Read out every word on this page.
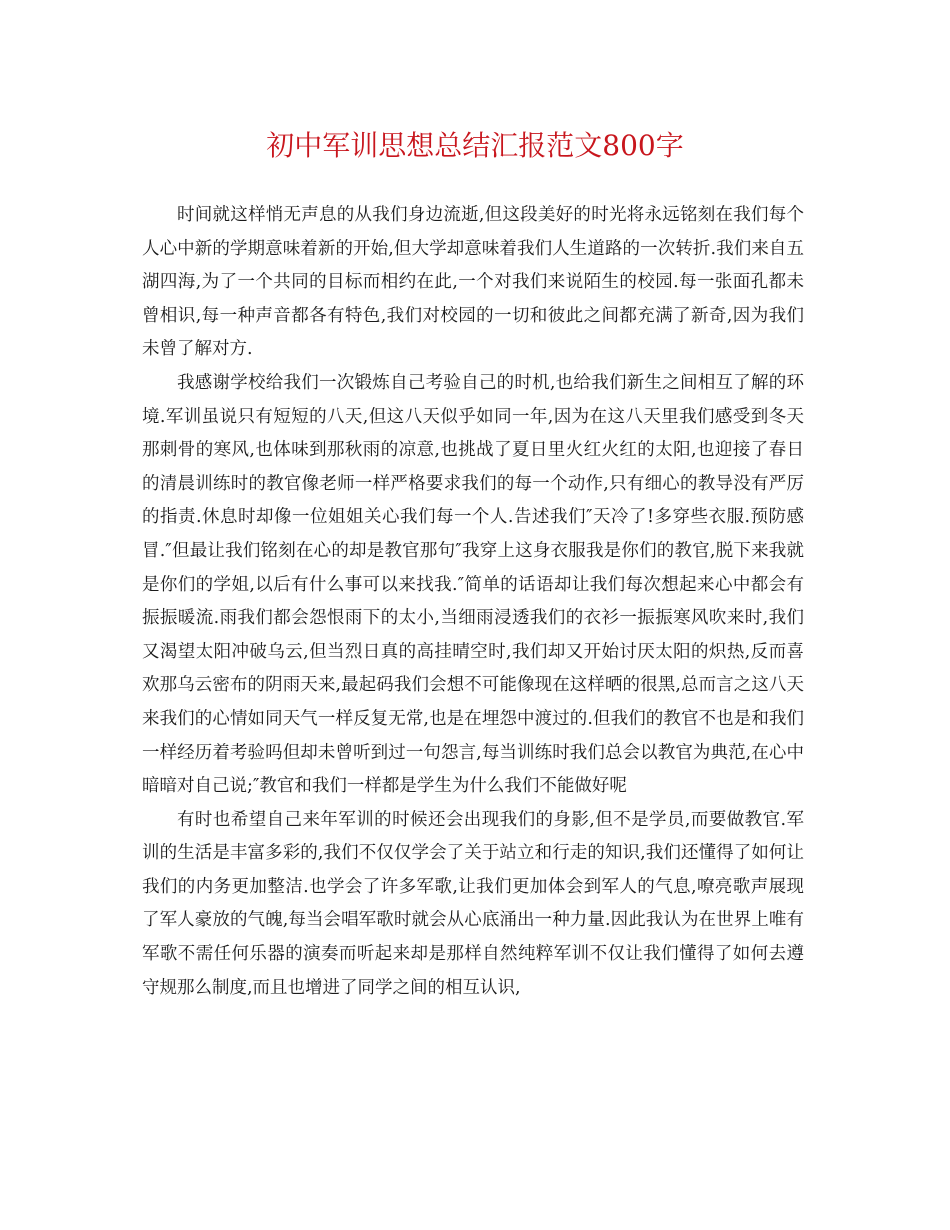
初中军训思想总结汇报范文800字

时间就这样悄无声息的从我们身边流逝,但这段美好的时光将永远铭刻在我们每个人心中新的学期意味着新的开始,但大学却意味着我们人生道路的一次转折.我们来自五湖四海,为了一个共同的目标而相约在此,一个对我们来说陌生的校园.每一张面孔都未曾相识,每一种声音都各有特色,我们对校园的一切和彼此之间都充满了新奇,因为我们未曾了解对方.

我感谢学校给我们一次锻炼自己考验自己的时机,也给我们新生之间相互了解的环境.军训虽说只有短短的八天,但这八天似乎如同一年,因为在这八天里我们感受到冬天那刺骨的寒风,也体味到那秋雨的凉意,也挑战了夏日里火红火红的太阳,也迎接了春日的清晨训练时的教官像老师一样严格要求我们的每一个动作,只有细心的教导没有严厉的指责.休息时却像一位姐姐关心我们每一个人.告述我们″天冷了!多穿些衣服.预防感冒.″但最让我们铭刻在心的却是教官那句″我穿上这身衣服我是你们的教官,脱下来我就是你们的学姐,以后有什么事可以来找我.″简单的话语却让我们每次想起来心中都会有振振暖流.雨我们都会怨恨雨下的太小,当细雨浸透我们的衣衫一振振寒风吹来时,我们又渴望太阳冲破乌云,但当烈日真的高挂晴空时,我们却又开始讨厌太阳的炽热,反而喜欢那乌云密布的阴雨天来,最起码我们会想不可能像现在这样晒的很黑,总而言之这八天来我们的心情如同天气一样反复无常,也是在埋怨中渡过的.但我们的教官不也是和我们一样经历着考验吗但却未曾听到过一句怨言,每当训练时我们总会以教官为典范,在心中暗暗对自己说;″教官和我们一样都是学生为什么我们不能做好呢

有时也希望自己来年军训的时候还会出现我们的身影,但不是学员,而要做教官.军训的生活是丰富多彩的,我们不仅仅学会了关于站立和行走的知识,我们还懂得了如何让我们的内务更加整洁.也学会了许多军歌,让我们更加体会到军人的气息,嘹亮歌声展现了军人豪放的气魄,每当会唱军歌时就会从心底涌出一种力量.因此我认为在世界上唯有军歌不需任何乐器的演奏而听起来却是那样自然纯粹军训不仅让我们懂得了如何去遵守规那么制度,而且也增进了同学之间的相互认识,
